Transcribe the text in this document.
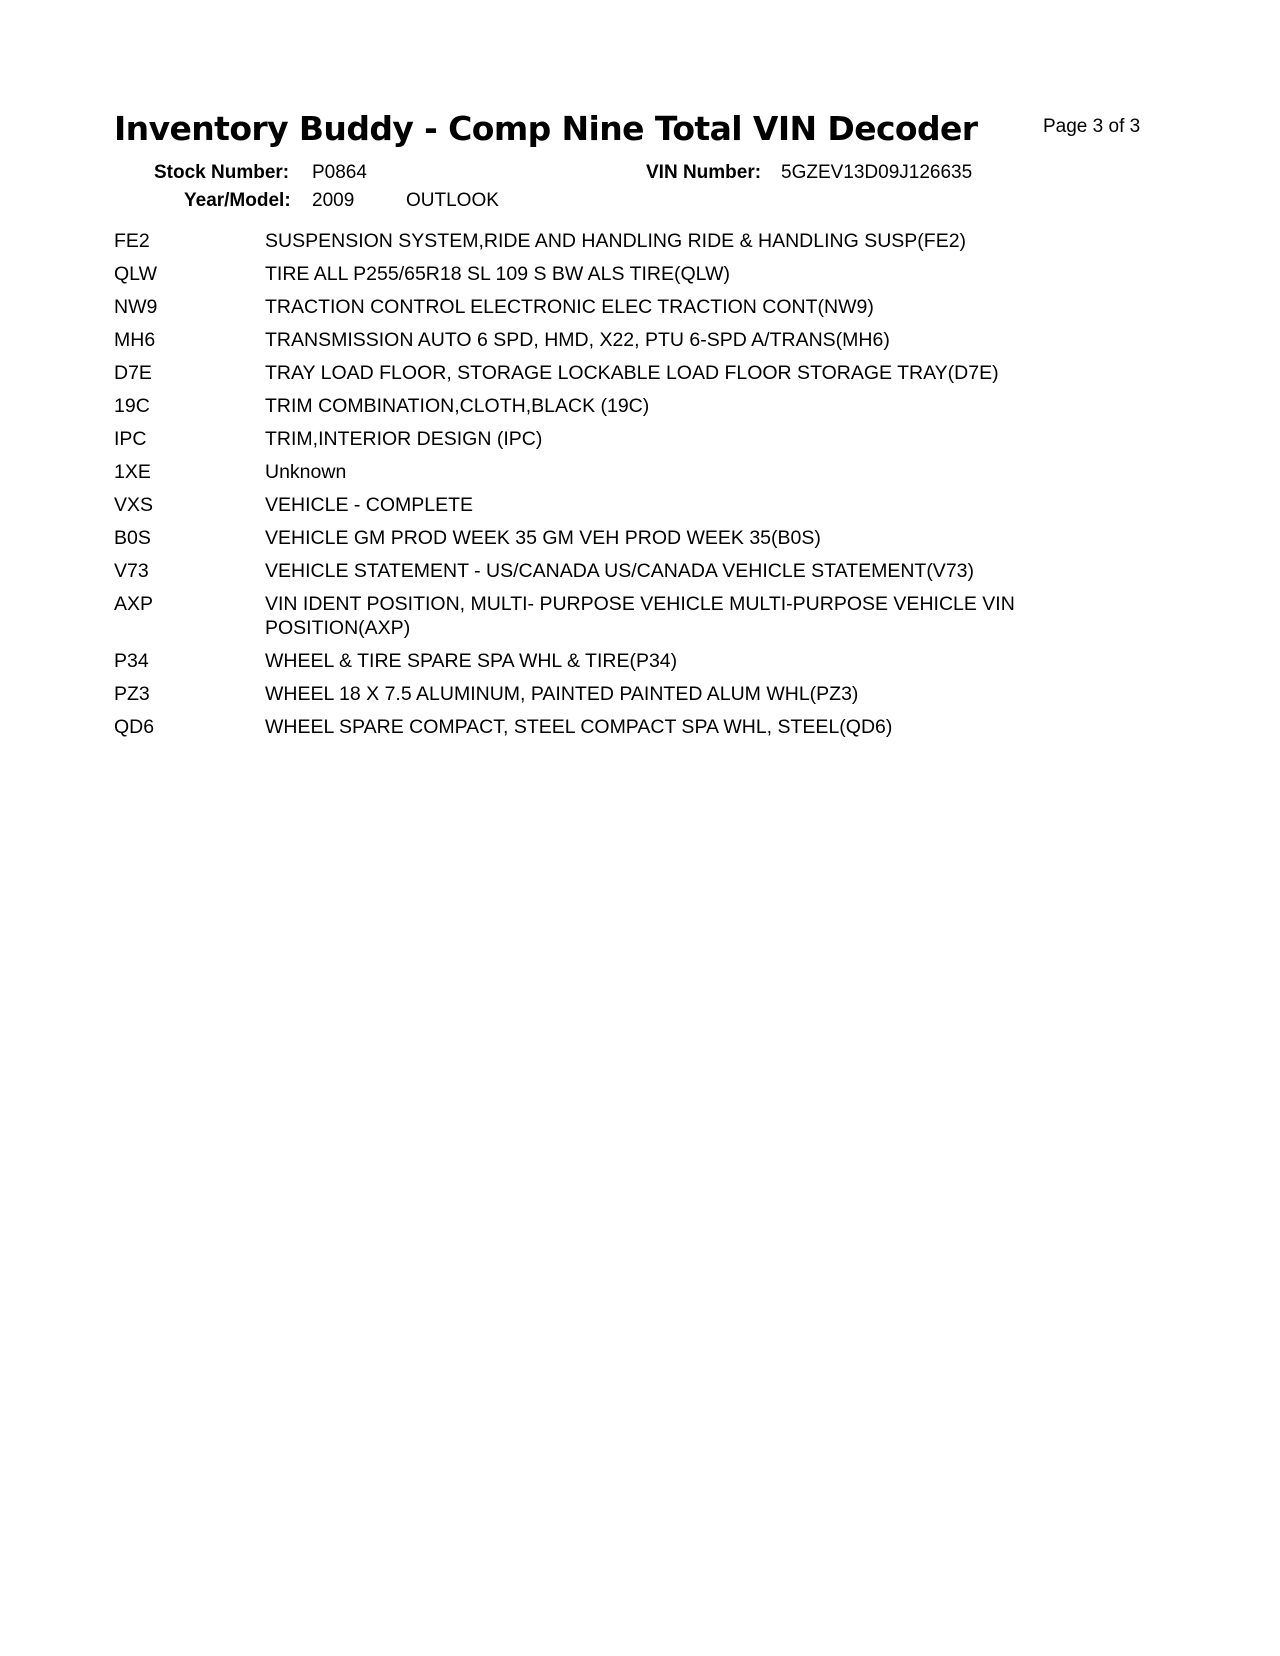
Inventory Buddy - Comp Nine Total VIN Decoder	Page 3 of 3
Stock Number: P0864	VIN Number: 5GZEV13D09J126635
Year/Model: 2009	OUTLOOK
FE2	SUSPENSION SYSTEM,RIDE AND HANDLING RIDE & HANDLING SUSP(FE2)
QLW	TIRE ALL P255/65R18 SL 109 S BW ALS TIRE(QLW)
NW9	TRACTION CONTROL ELECTRONIC ELEC TRACTION CONT(NW9)
MH6	TRANSMISSION AUTO 6 SPD, HMD, X22, PTU 6-SPD A/TRANS(MH6)
D7E	TRAY LOAD FLOOR, STORAGE LOCKABLE LOAD FLOOR STORAGE TRAY(D7E)
19C	TRIM COMBINATION,CLOTH,BLACK (19C)
IPC	TRIM,INTERIOR DESIGN (IPC)
1XE	Unknown
VXS	VEHICLE - COMPLETE
B0S	VEHICLE GM PROD WEEK 35 GM VEH PROD WEEK 35(B0S)
V73	VEHICLE STATEMENT - US/CANADA US/CANADA VEHICLE STATEMENT(V73)
AXP	VIN IDENT POSITION, MULTI- PURPOSE VEHICLE MULTI-PURPOSE VEHICLE VIN POSITION(AXP)
P34	WHEEL & TIRE SPARE SPA WHL & TIRE(P34)
PZ3	WHEEL 18 X 7.5 ALUMINUM, PAINTED PAINTED ALUM WHL(PZ3)
QD6	WHEEL SPARE COMPACT, STEEL COMPACT SPA WHL, STEEL(QD6)
